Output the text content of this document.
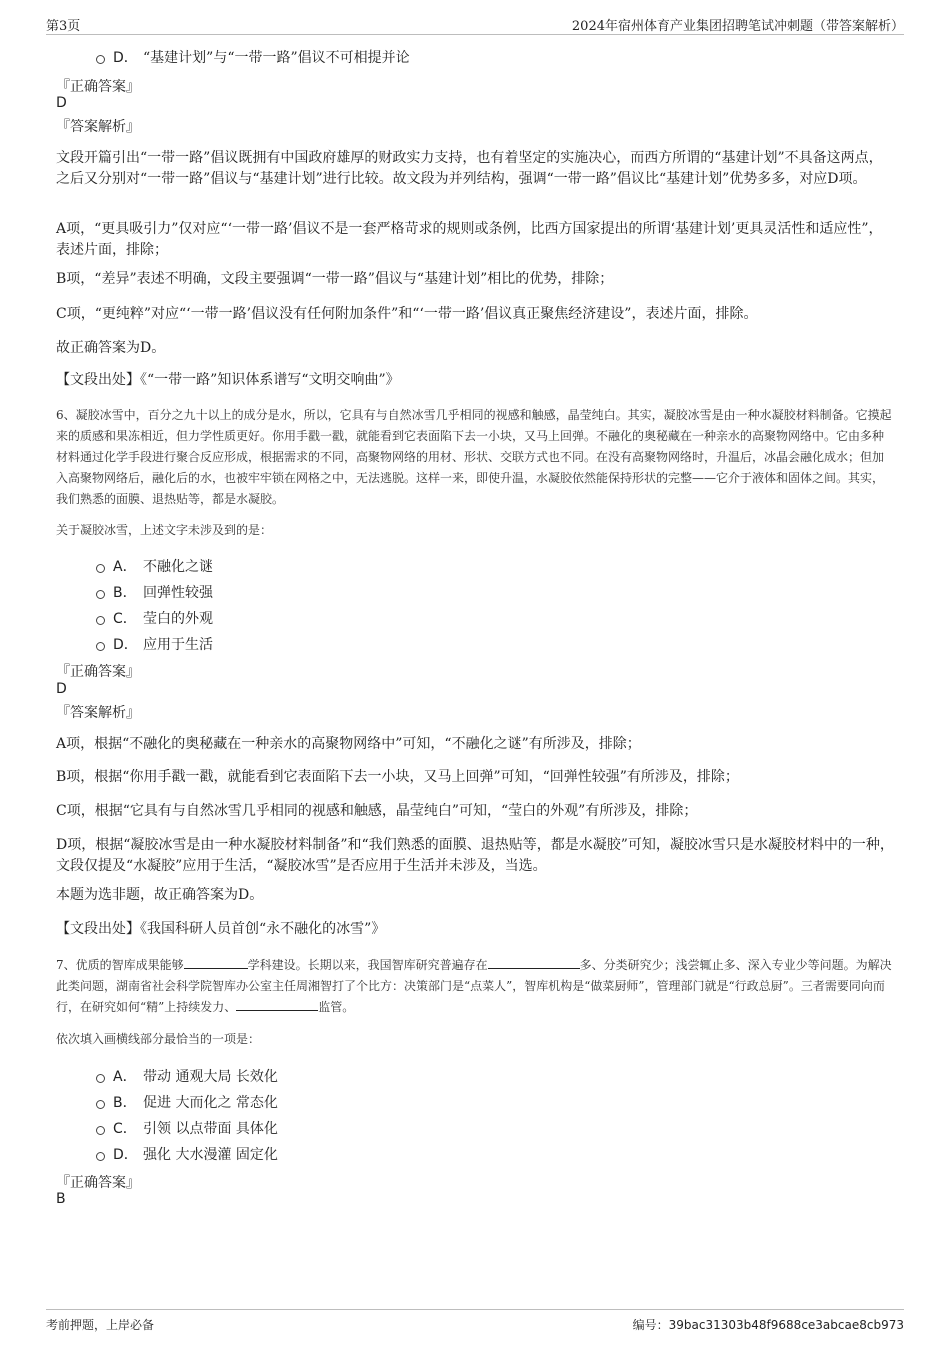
第3页	2024年宿州体育产业集团招聘笔试冲刺题（带答案解析）
D． “基建计划”与“一带一路”倡议不可相提并论
『正确答案』
D
『答案解析』
文段开篇引出“一带一路”倡议既拥有中国政府雄厚的财政实力支持，也有着坚定的实施决心，而西方所谓的“基建计划”不具备这两点，之后又分别对“一带一路”倡议与“基建计划”进行比较。故文段为并列结构，强调“一带一路”倡议比“基建计划”优势多多，对应D项。
A项，“更具吸引力”仅对应“‘一带一路’倡议不是一套严格苛求的规则或条例，比西方国家提出的所谓‘基建计划’更具灵活性和适应性”，表述片面，排除；
B项，“差异”表述不明确，文段主要强调“一带一路”倡议与“基建计划”相比的优势，排除；
C项，“更纯粹”对应“‘一带一路’倡议没有任何附加条件”和“‘一带一路’倡议真正聚焦经济建设”，表述片面，排除。
故正确答案为D。
【文段出处】《“一带一路”知识体系谱写“文明交响曲”》
6、凝胶冰雪中，百分之九十以上的成分是水，所以，它具有与自然冰雪几乎相同的视感和触感，晶莹纯白。其实，凝胶冰雪是由一种水凝胶材料制备。它摸起来的质感和果冻相近，但力学性质更好。你用手戳一戳，就能看到它表面陷下去一小块，又马上回弹。不融化的奥秘藏在一种亲水的高聚物网络中。它由多种材料通过化学手段进行聚合反应形成，根据需求的不同，高聚物网络的用材、形状、交联方式也不同。在没有高聚物网络时，升温后，冰晶会融化成水；但加入高聚物网络后，融化后的水，也被牢牢锁在网格之中，无法逃脱。这样一来，即使升温，水凝胶依然能保持形状的完整——它介于液体和固体之间。其实，我们熟悉的面膜、退热贴等，都是水凝胶。
关于凝胶冰雪，上述文字未涉及到的是：
A． 不融化之谜
B． 回弹性较强
C． 莹白的外观
D． 应用于生活
『正确答案』
D
『答案解析』
A项，根据“不融化的奥秘藏在一种亲水的高聚物网络中”可知，“不融化之谜”有所涉及，排除；
B项，根据“你用手戳一戳，就能看到它表面陷下去一小块，又马上回弹”可知，“回弹性较强”有所涉及，排除；
C项，根据“它具有与自然冰雪几乎相同的视感和触感，晶莹纯白”可知，“莹白的外观”有所涉及，排除；
D项，根据“凝胶冰雪是由一种水凝胶材料制备”和“我们熟悉的面膜、退热贴等，都是水凝胶”可知，凝胶冰雪只是水凝胶材料中的一种，文段仅提及“水凝胶”应用于生活，“凝胶冰雪”是否应用于生活并未涉及，当选。
本题为选非题，故正确答案为D。
【文段出处】《我国科研人员首创“永不融化的冰雪”》
7、优质的智库成果能够	学科建设。长期以来，我国智库研究普遍存在	多、分类研究少；浅尝辄止多、深入专业少等问题。为解决此类问题，湖南省社会科学院智库办公室主任周湘智打了个比方：决策部门是“点菜人”，智库机构是“做菜厨师”，管理部门就是“行政总厨”。三者需要同向而行，在研究如何“精”上持续发力、	监管。
依次填入画横线部分最恰当的一项是：
A． 带动 通观大局 长效化
B． 促进 大而化之 常态化
C． 引领 以点带面 具体化
D． 强化 大水漫灌 固定化
『正确答案』
B
考前押题，上岸必备	编号：39bac31303b48f9688ce3abcae8cb973
